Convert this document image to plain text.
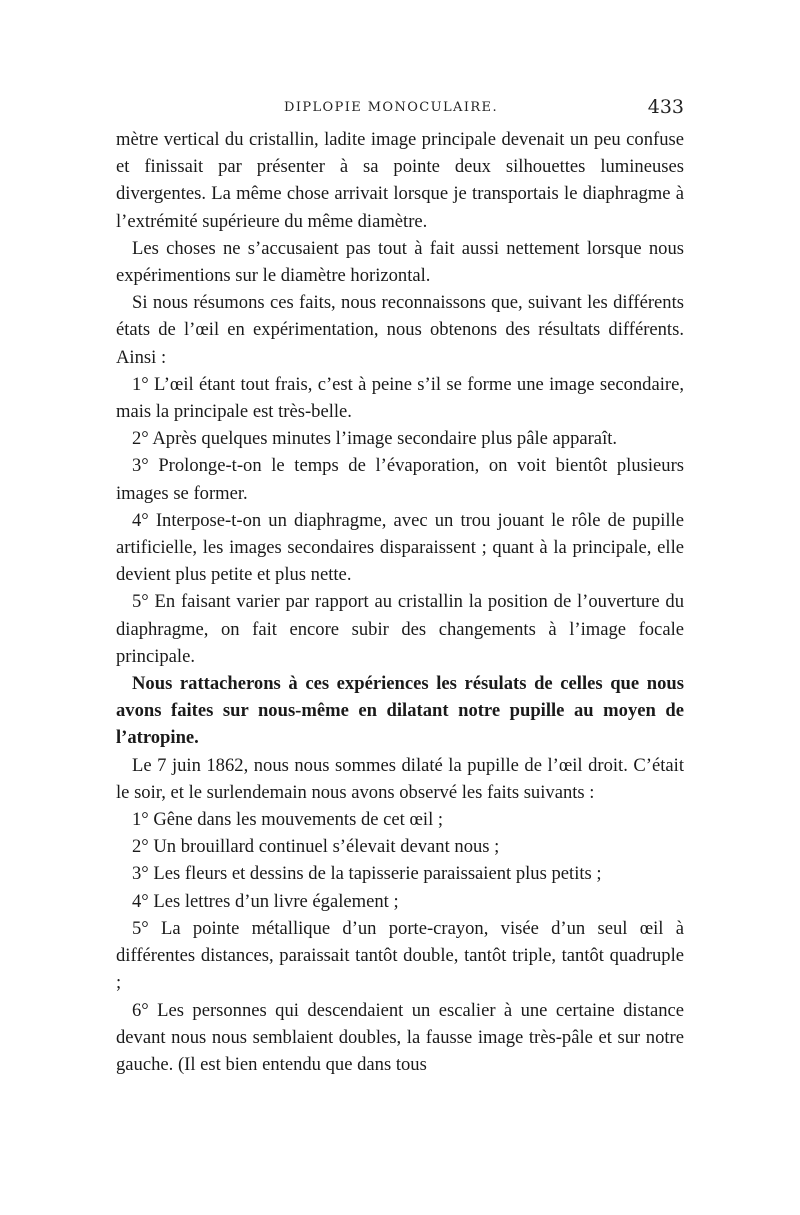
DIPLOPIE MONOCULAIRE.	433

mètre vertical du cristallin, ladite image principale devenait un peu confuse et finissait par présenter à sa pointe deux silhouettes lumineuses divergentes. La même chose arrivait lorsque je transportais le diaphragme à l’extrémité supérieure du même diamètre.

Les choses ne s’accusaient pas tout à fait aussi nettement lorsque nous expérimentions sur le diamètre horizontal.

Si nous résumons ces faits, nous reconnaissons que, suivant les différents états de l’œil en expérimentation, nous obtenons des résultats différents. Ainsi :

1° L’œil étant tout frais, c’est à peine s’il se forme une image secondaire, mais la principale est très-belle.

2° Après quelques minutes l’image secondaire plus pâle apparaît.

3° Prolonge-t-on le temps de l’évaporation, on voit bientôt plusieurs images se former.

4° Interpose-t-on un diaphragme, avec un trou jouant le rôle de pupille artificielle, les images secondaires disparaissent ; quant à la principale, elle devient plus petite et plus nette.

5° En faisant varier par rapport au cristallin la position de l’ouverture du diaphragme, on fait encore subir des changements à l’image focale principale.

Nous rattacherons à ces expériences les résulats de celles que nous avons faites sur nous-même en dilatant notre pupille au moyen de l’atropine.

Le 7 juin 1862, nous nous sommes dilaté la pupille de l’œil droit. C’était le soir, et le surlendemain nous avons observé les faits suivants :

1° Gêne dans les mouvements de cet œil ;

2° Un brouillard continuel s’élevait devant nous ;

3° Les fleurs et dessins de la tapisserie paraissaient plus petits ;

4° Les lettres d’un livre également ;

5° La pointe métallique d’un porte-crayon, visée d’un seul œil à différentes distances, paraissait tantôt double, tantôt triple, tantôt quadruple ;

6° Les personnes qui descendaient un escalier à une certaine distance devant nous nous semblaient doubles, la fausse image très-pâle et sur notre gauche. (Il est bien entendu que dans tous
